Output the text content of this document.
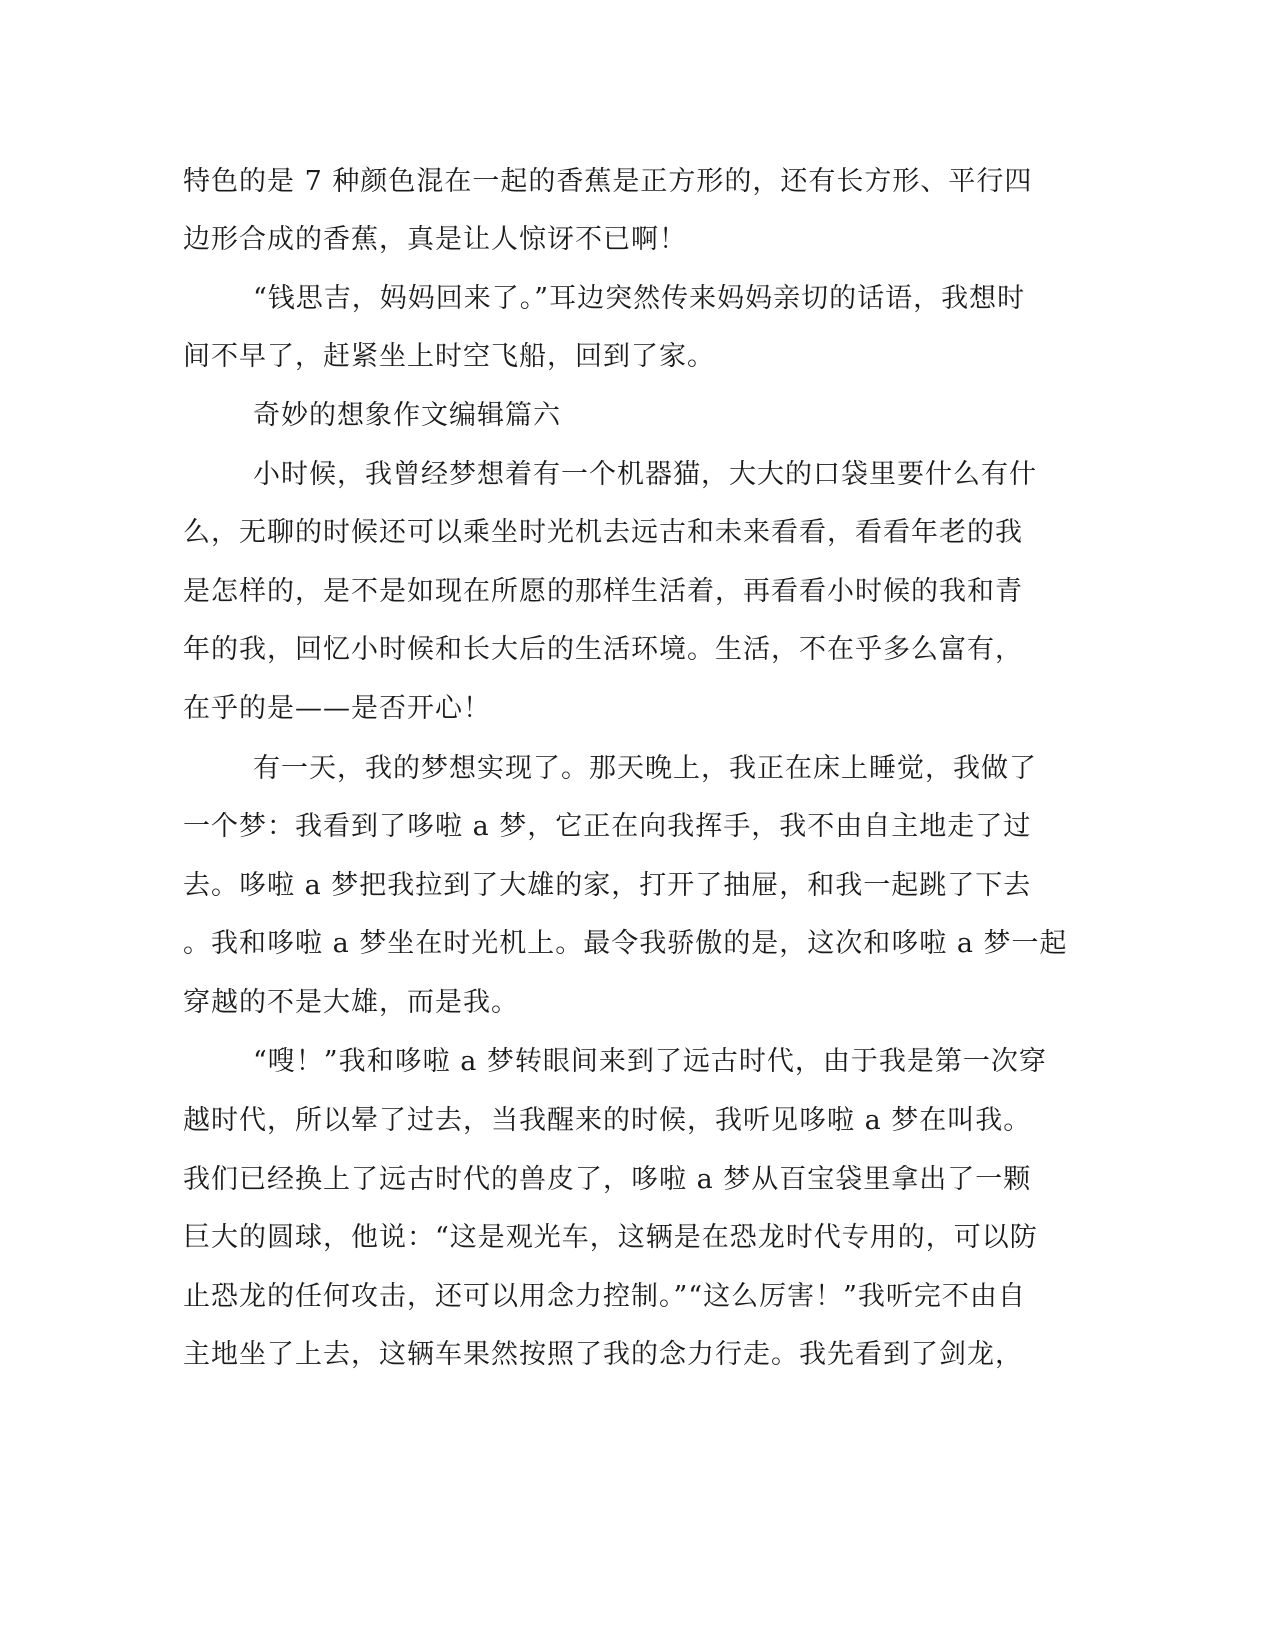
特色的是 7 种颜色混在一起的香蕉是正方形的，还有长方形、平行四
边形合成的香蕉，真是让人惊讶不已啊！
“钱思吉，妈妈回来了。”耳边突然传来妈妈亲切的话语，我想时
间不早了，赶紧坐上时空飞船，回到了家。
奇妙的想象作文编辑篇六
小时候，我曾经梦想着有一个机器猫，大大的口袋里要什么有什
么，无聊的时候还可以乘坐时光机去远古和未来看看，看看年老的我
是怎样的，是不是如现在所愿的那样生活着，再看看小时候的我和青
年的我，回忆小时候和长大后的生活环境。生活，不在乎多么富有，
在乎的是——是否开心！
有一天，我的梦想实现了。那天晚上，我正在床上睡觉，我做了
一个梦：我看到了哆啦 a 梦，它正在向我挥手，我不由自主地走了过
去。哆啦 a 梦把我拉到了大雄的家，打开了抽屉，和我一起跳了下去
。我和哆啦 a 梦坐在时光机上。最令我骄傲的是，这次和哆啦 a 梦一起
穿越的不是大雄，而是我。
“嗖！”我和哆啦 a 梦转眼间来到了远古时代，由于我是第一次穿
越时代，所以晕了过去，当我醒来的时候，我听见哆啦 a 梦在叫我。
我们已经换上了远古时代的兽皮了，哆啦 a 梦从百宝袋里拿出了一颗
巨大的圆球，他说：“这是观光车，这辆是在恐龙时代专用的，可以防
止恐龙的任何攻击，还可以用念力控制。”“这么厉害！”我听完不由自
主地坐了上去，这辆车果然按照了我的念力行走。我先看到了剑龙，
